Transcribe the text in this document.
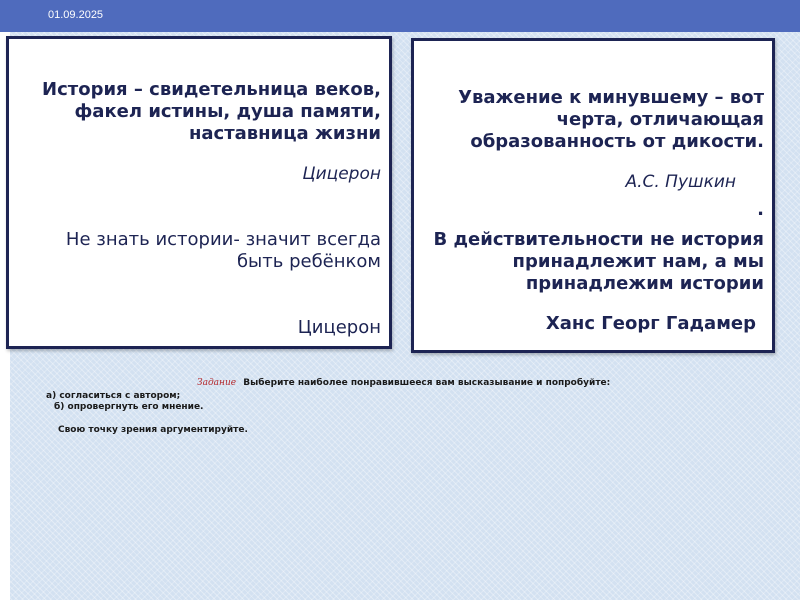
01.09.2025
История – свидетельница веков, факел истины, душа памяти, наставница жизни
Цицерон
Не знать истории- значит всегда быть ребёнком
Цицерон
Уважение к минувшему – вот черта, отличающая образованность от дикости.
А.С. Пушкин
.
В действительности не история принадлежит нам, а мы принадлежим истории
Ханс Георг Гадамер
Задание Выберите наиболее понравившееся вам высказывание и попробуйте:
а) согласиться с автором;
б) опровергнуть его мнение.
Свою точку зрения аргументируйте.
